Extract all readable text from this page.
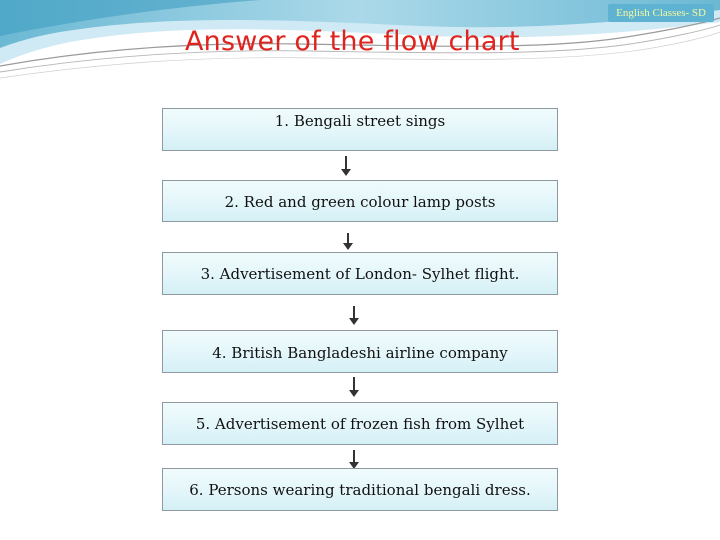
English Classes- SD
Answer of the flow chart
1. Bengali street sings
2. Red and green colour lamp posts
3. Advertisement of London- Sylhet flight.
4. British Bangladeshi airline company
5. Advertisement of frozen fish from Sylhet
6. Persons wearing traditional bengali dress.
